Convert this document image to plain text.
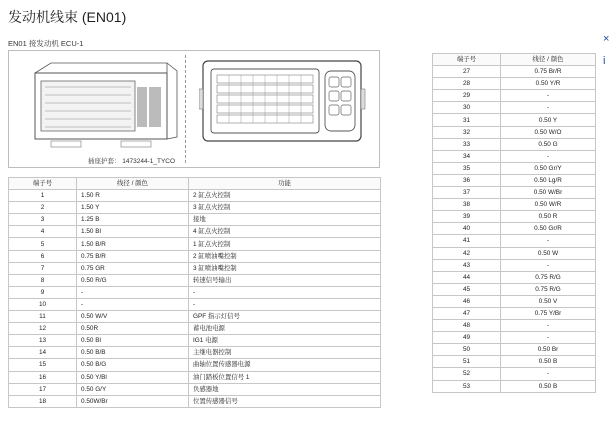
发动机线束 (EN01)
EN01 接发动机 ECU-1
插座护套： 1473244-1_TYCO
端子号	线径 / 颜色	功能
1	1.50 R	2 缸点火控制
2	1.50 Y	3 缸点火控制
3	1.25 B	接地
4	1.50 Bl	4 缸点火控制
5	1.50 B/R	1 缸点火控制
6	0.75 B/R	2 缸喷油嘴控制
7	0.75 GR	3 缸喷油嘴控制
8	0.50 R/G	转速信号输出
9	-	-
10	-	-
11	0.50 W/V	GPF 指示灯信号
12	0.50R	蓄电池电源
13	0.50 Bl	IG1 电源
14	0.50 B/B	主继电器控制
15	0.50 B/G	曲轴位置传感器电源
16	0.50 Y/Bl	油门踏板位置信号 1
17	0.50 G/Y	负感器地
18	0.50W/Br	位置传感器信号
端子号	线径 / 颜色
27	0.75 Br/R
28	0.50 Y/R
29	-
30	-
31	0.50 Y
32	0.50 W/O
33	0.50 G
34	-
35	0.50 Gr/Y
36	0.50 Lg/R
37	0.50 W/Br
38	0.50 W/R
39	0.50 R
40	0.50 Gr/R
41	-
42	0.50 W
43	-
44	0.75 R/G
45	0.75 R/G
46	0.50 V
47	0.75 Y/Br
48	-
49	-
50	0.50 Br
51	0.50 B
52	-
53	0.50 B
×
i
